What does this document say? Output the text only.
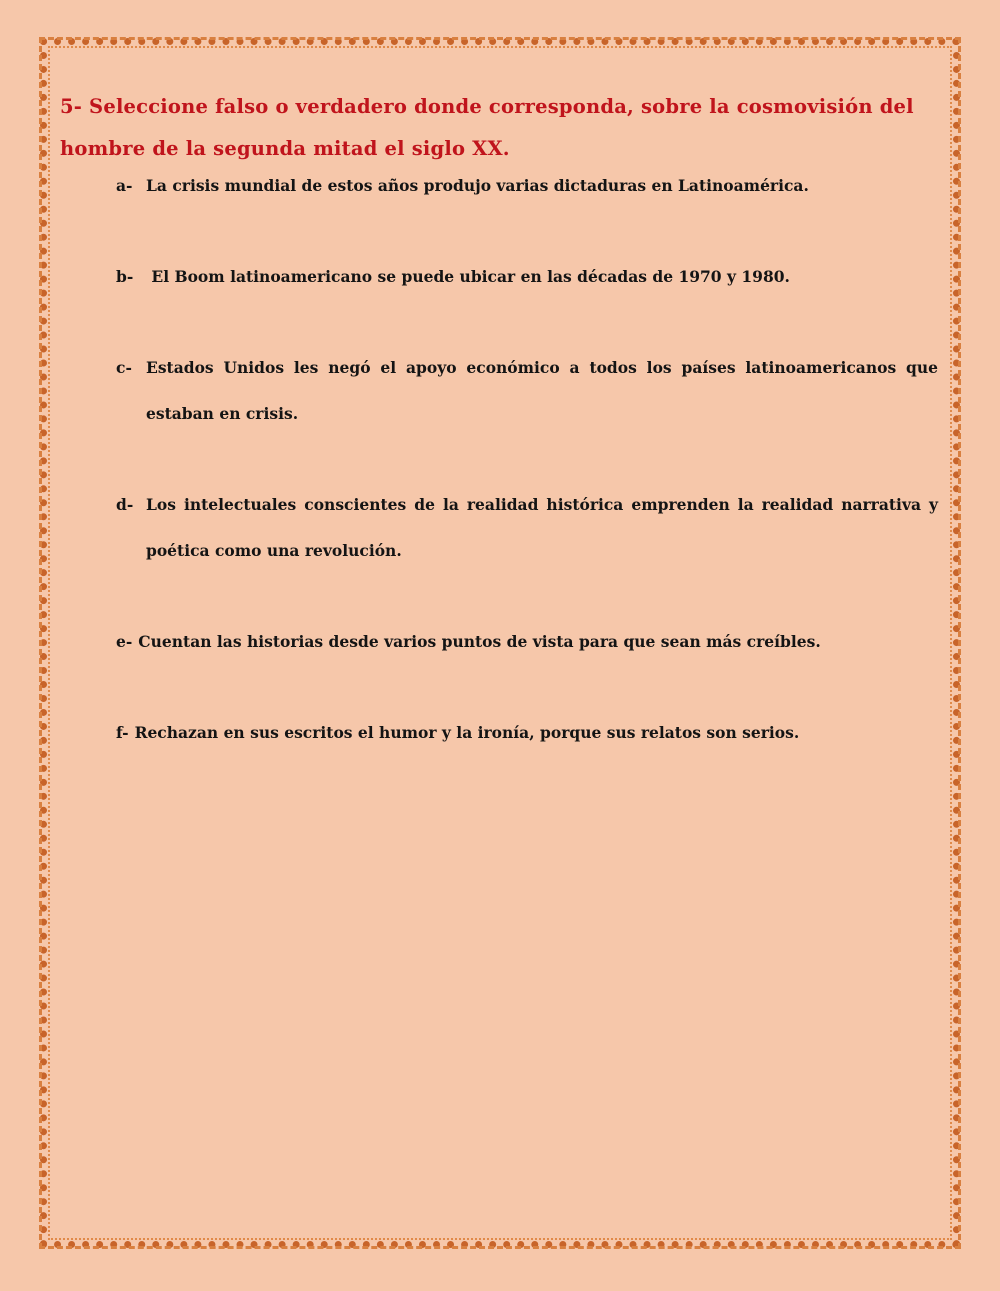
5- Seleccione falso o verdadero donde corresponda, sobre la cosmovisión del hombre de la segunda mitad el siglo XX.

a- La crisis mundial de estos años produjo varias dictaduras en Latinoamérica.
b- El Boom latinoamericano se puede ubicar en las décadas de 1970 y 1980.
c- Estados Unidos les negó el apoyo económico a todos los países latinoamericanos que estaban en crisis.
d- Los intelectuales conscientes de la realidad histórica emprenden la realidad narrativa y poética como una revolución.
e- Cuentan las historias desde varios puntos de vista para que sean más creíbles.
f- Rechazan en sus escritos el humor y la ironía, porque sus relatos son serios.
